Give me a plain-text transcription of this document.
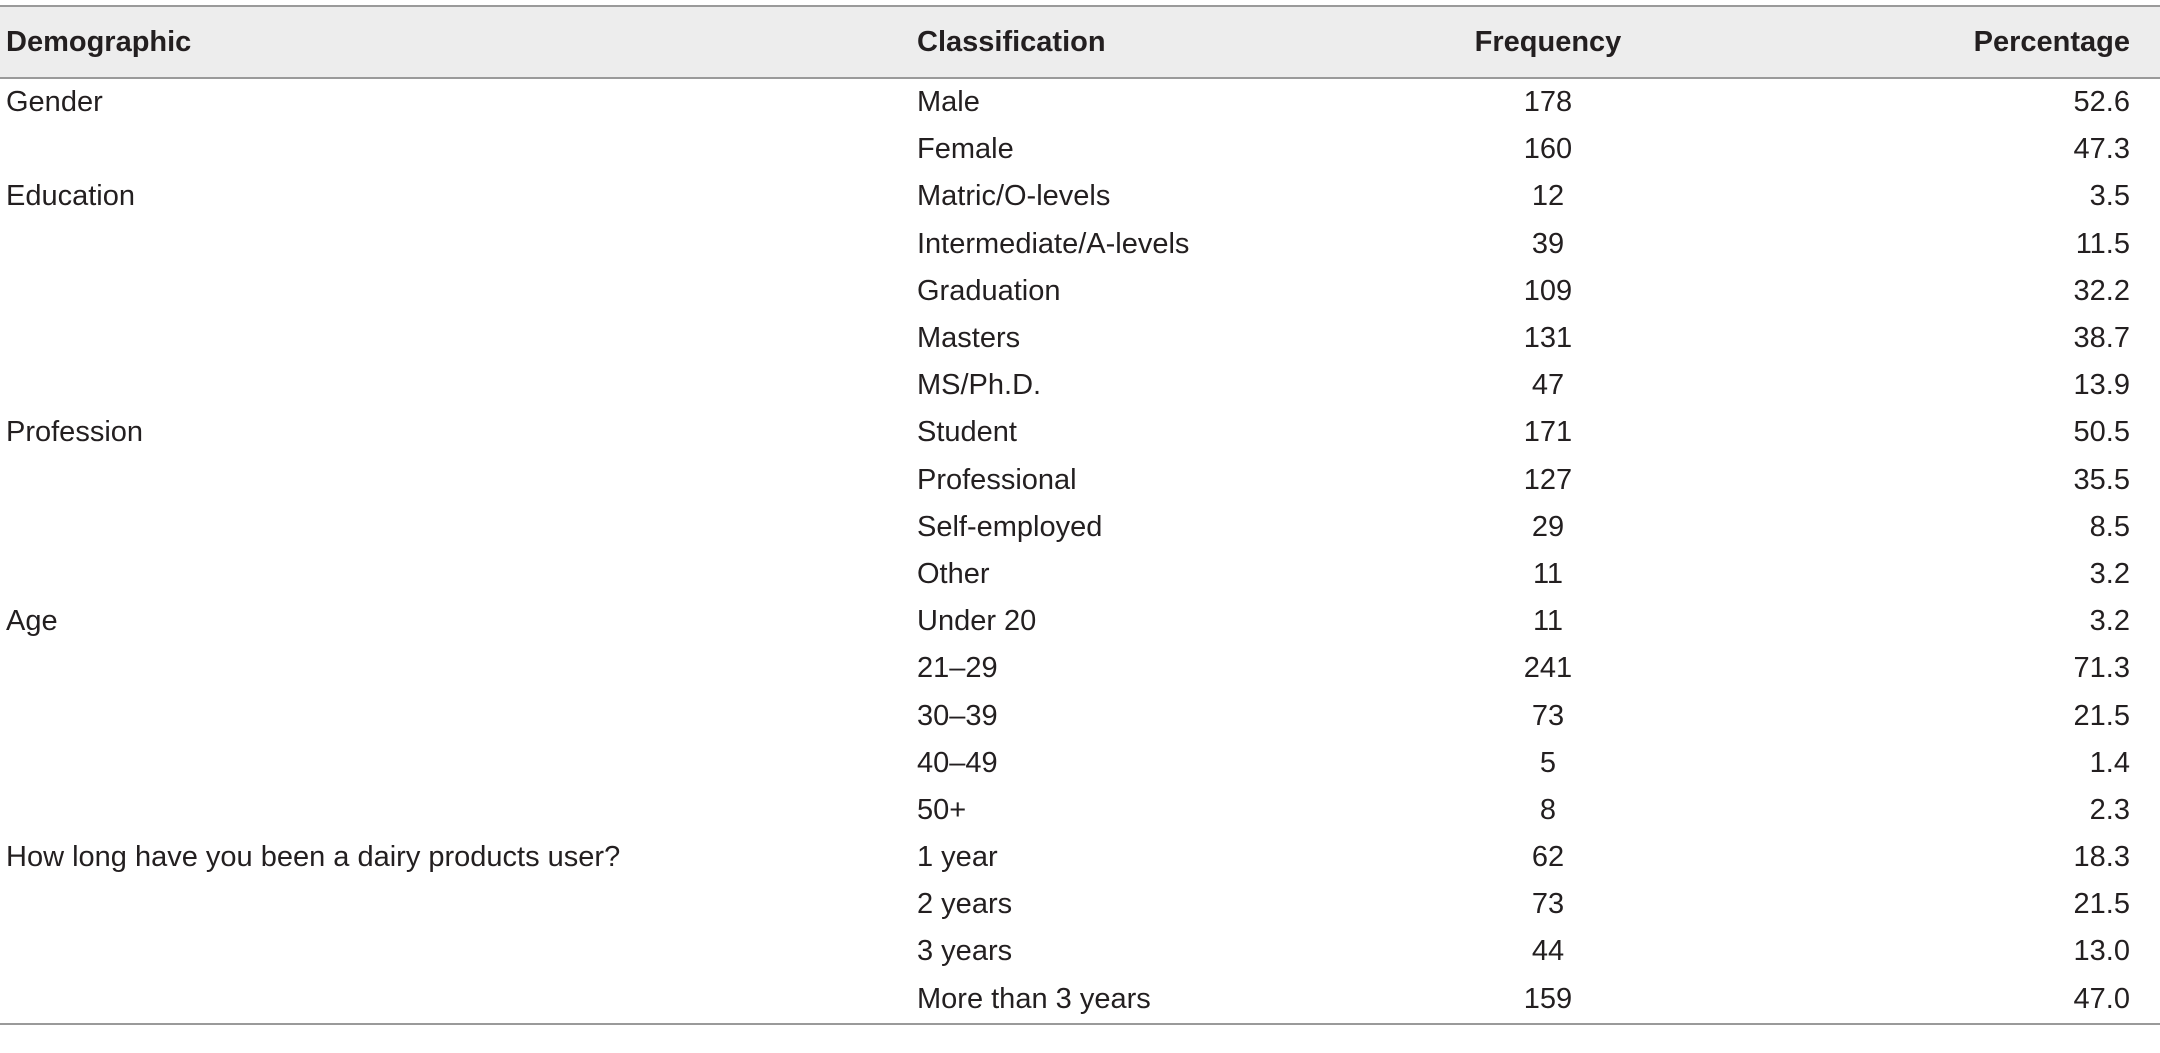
Demographic	Classification	Frequency	Percentage
Gender	Male	178	52.6
	Female	160	47.3
Education	Matric/O-levels	12	3.5
	Intermediate/A-levels	39	11.5
	Graduation	109	32.2
	Masters	131	38.7
	MS/Ph.D.	47	13.9
Profession	Student	171	50.5
	Professional	127	35.5
	Self-employed	29	8.5
	Other	11	3.2
Age	Under 20	11	3.2
	21–29	241	71.3
	30–39	73	21.5
	40–49	5	1.4
	50+	8	2.3
How long have you been a dairy products user?	1 year	62	18.3
	2 years	73	21.5
	3 years	44	13.0
	More than 3 years	159	47.0
